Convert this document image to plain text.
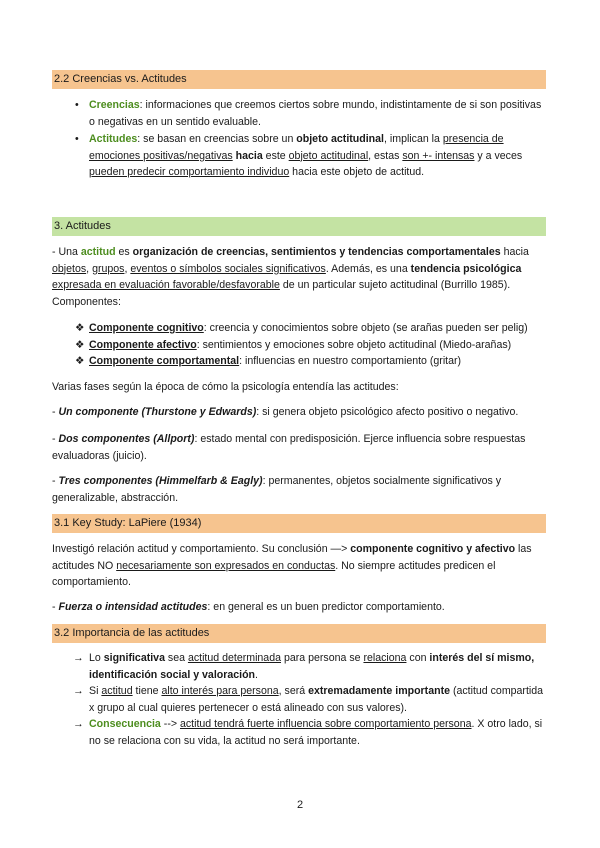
2.2 Creencias vs. Actitudes
• Creencias: informaciones que creemos ciertos sobre mundo, indistintamente de si son positivas o negativas en un sentido evaluable.
• Actitudes: se basan en creencias sobre un objeto actitudinal, implican la presencia de emociones positivas/negativas hacia este objeto actitudinal, estas son +- intensas y a veces pueden predecir comportamiento individuo hacia este objeto de actitud.
3. Actitudes
- Una actitud es organización de creencias, sentimientos y tendencias comportamentales hacia objetos, grupos, eventos o símbolos sociales significativos. Además, es una tendencia psicológica expresada en evaluación favorable/desfavorable de un particular sujeto actitudinal (Burrillo 1985). Componentes:
❖ Componente cognitivo: creencia y conocimientos sobre objeto (se arañas pueden ser pelig)
❖ Componente afectivo: sentimientos y emociones sobre objeto actitudinal (Miedo-arañas)
❖ Componente comportamental: influencias en nuestro comportamiento (gritar)
Varias fases según la época de cómo la psicología entendía las actitudes:
- Un componente (Thurstone y Edwards): si genera objeto psicológico afecto positivo o negativo.
- Dos componentes (Allport): estado mental con predisposición. Ejerce influencia sobre respuestas evaluadoras (juicio).
- Tres componentes (Himmelfarb & Eagly): permanentes, objetos socialmente significativos y generalizable, abstracción.
3.1 Key Study: LaPiere (1934)
Investigó relación actitud y comportamiento. Su conclusión —> componente cognitivo y afectivo las actitudes NO necesariamente son expresados en conductas. No siempre actitudes predicen el comportamiento.
- Fuerza o intensidad actitudes: en general es un buen predictor comportamiento.
3.2 Importancia de las actitudes
→ Lo significativa sea actitud determinada para persona se relaciona con interés del sí mismo, identificación social y valoración.
→ Si actitud tiene alto interés para persona, será extremadamente importante (actitud compartida x grupo al cual quieres pertenecer o está alineado con sus valores).
→ Consecuencia --> actitud tendrá fuerte influencia sobre comportamiento persona. X otro lado, si no se relaciona con su vida, la actitud no será importante.
2
